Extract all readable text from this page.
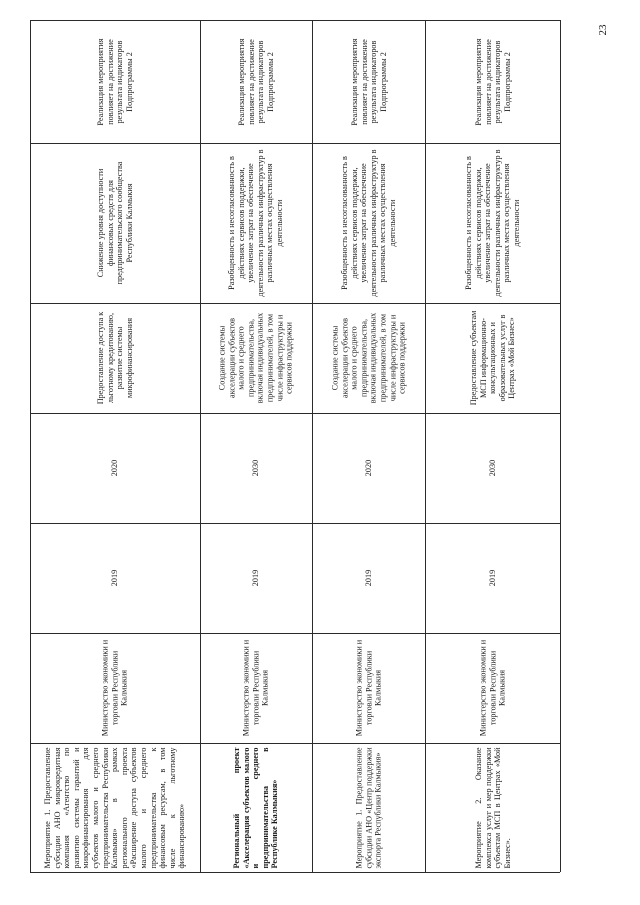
23
Реализация мероприятия повлияет на достижение результата индикаторов Подпрограммы 2
Снижение уровня доступности финансовых средств для предпринимательского сообщества Республики Калмыкия
Предоставление доступа к льготному кредитованию, развитие системы микрофинансирования
2020
2019
Министерство экономики и торговли Республики Калмыкия
Мероприятие 1. Предоставление субсидии АНО микрокредитная компания «Агентство по развитию системы гарантий и микрофинансирования для субъектов малого и среднего предпринимательства Республики Калмыкия» в рамках регионального проекта «Расширение доступа субъектов малого и среднего предпринимательства к финансовым ресурсам, в том числе к льготному финансированию»
Реализация мероприятия повлияет на достижение результата индикаторов Подпрограммы 2
Разобщенность и несогласованность в действиях сервисов поддержки, увеличение затрат на обеспечение деятельности различных инфраструктур в различных местах осуществления деятельности
Создание системы акселерации субъектов малого и среднего предпринимательства, включая индивидуальных предпринимателей, в том числе инфраструктуры и сервисов поддержки
2030
2019
Министерство экономики и торговли Республики Калмыкия
Региональный проект «Акселерация субъектов малого и среднего предпринимательства в Республике Калмыкия»
Реализация мероприятия повлияет на достижение результата индикаторов Подпрограммы 2
Разобщенность и несогласованность в действиях сервисов поддержки, увеличение затрат на обеспечение деятельности различных инфраструктур в различных местах осуществления деятельности
Создание системы акселерации субъектов малого и среднего предпринимательства, включая индивидуальных предпринимателей, в том числе инфраструктуры и сервисов поддержки
2020
2019
Министерство экономики и торговли Республики Калмыкия
Мероприятие 1. Предоставление субсидии АНО «Центр поддержки экспорта Республики Калмыкия»
Реализация мероприятия повлияет на достижение результата индикаторов Подпрограммы 2
Разобщенность и несогласованность в действиях сервисов поддержки, увеличение затрат на обеспечение деятельности различных инфраструктур в различных местах осуществления деятельности
Предоставление субъектам МСП информационно-консультационных и образовательных услуг в Центрах «Мой Бизнес»
2030
2019
Министерство экономики и торговли Республики Калмыкия
Мероприятие 2. Оказание комплекса услуг и мер поддержки субъектам МСП в Центрах «Мой Бизнес».
